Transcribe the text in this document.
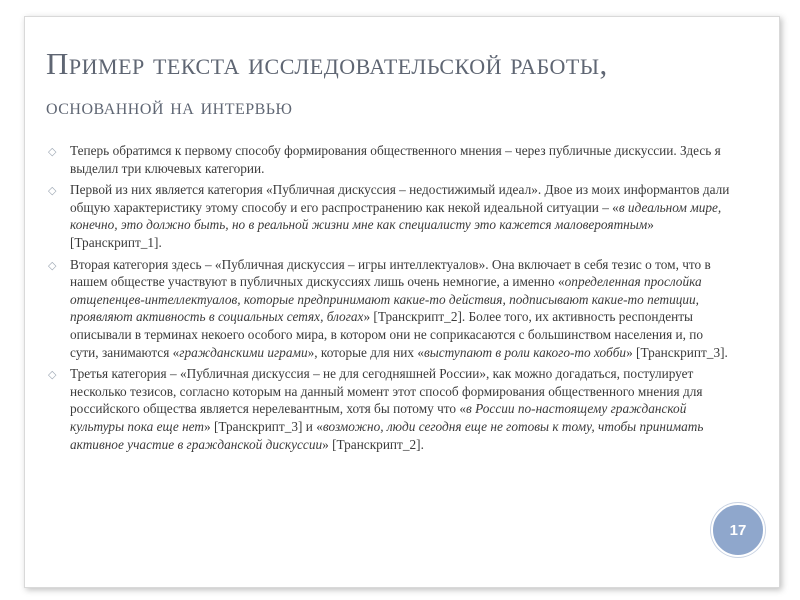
Пример текста исследовательской работы,
основанной на интервью
◇ Теперь обратимся к первому способу формирования общественного мнения – через публичные дискуссии. Здесь я выделил три ключевых категории.
◇ Первой из них является категория «Публичная дискуссия – недостижимый идеал». Двое из моих информантов дали общую характеристику этому способу и его распространению как некой идеальной ситуации – «в идеальном мире, конечно, это должно быть, но в реальной жизни мне как специалисту это кажется маловероятным» [Транскрипт_1].
◇ Вторая категория здесь – «Публичная дискуссия – игры интеллектуалов». Она включает в себя тезис о том, что в нашем обществе участвуют в публичных дискуссиях лишь очень немногие, а именно «определенная прослойка отщепенцев-интеллектуалов, которые предпринимают какие-то действия, подписывают какие-то петиции, проявляют активность в социальных сетях, блогах» [Транскрипт_2]. Более того, их активность респонденты описывали в терминах некоего особого мира, в котором они не соприкасаются с большинством населения и, по сути, занимаются «гражданскими играми», которые для них «выступают в роли какого-то хобби» [Транскрипт_3].
◇ Третья категория – «Публичная дискуссия – не для сегодняшней России», как можно догадаться, постулирует несколько тезисов, согласно которым на данный момент этот способ формирования общественного мнения для российского общества является нерелевантным, хотя бы потому что «в России по-настоящему гражданской культуры пока еще нет» [Транскрипт_3] и «возможно, люди сегодня еще не готовы к тому, чтобы принимать активное участие в гражданской дискуссии» [Транскрипт_2].
17
